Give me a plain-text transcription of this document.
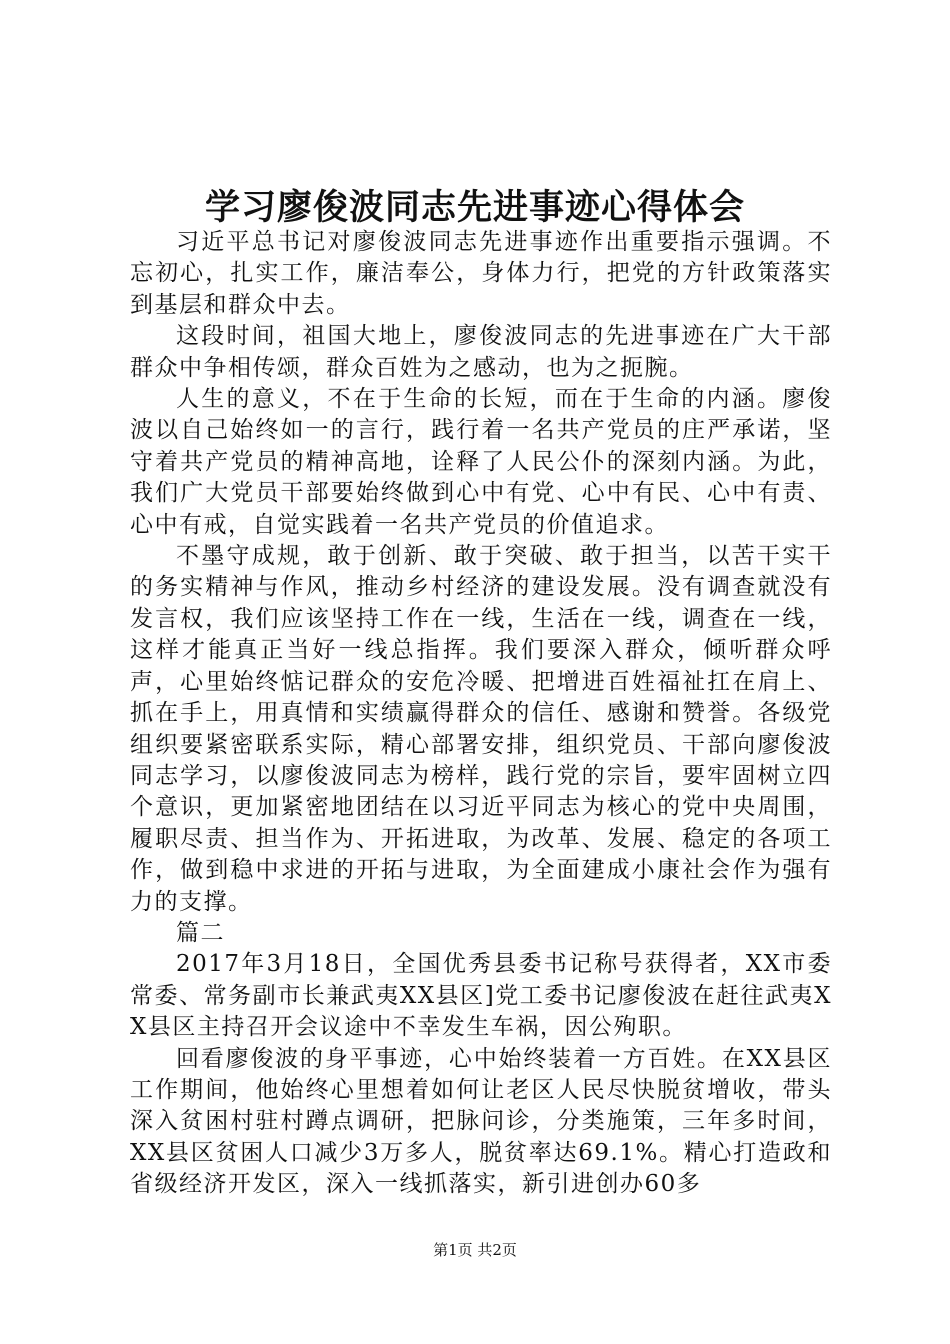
学习廖俊波同志先进事迹心得体会

习近平总书记对廖俊波同志先进事迹作出重要指示强调。不忘初心，扎实工作，廉洁奉公，身体力行，把党的方针政策落实到基层和群众中去。

这段时间，祖国大地上，廖俊波同志的先进事迹在广大干部群众中争相传颂，群众百姓为之感动，也为之扼腕。

人生的意义，不在于生命的长短，而在于生命的内涵。廖俊波以自己始终如一的言行，践行着一名共产党员的庄严承诺，坚守着共产党员的精神高地，诠释了人民公仆的深刻内涵。为此，我们广大党员干部要始终做到心中有党、心中有民、心中有责、心中有戒，自觉实践着一名共产党员的价值追求。

不墨守成规，敢于创新、敢于突破、敢于担当，以苦干实干的务实精神与作风，推动乡村经济的建设发展。没有调查就没有发言权，我们应该坚持工作在一线，生活在一线，调查在一线，这样才能真正当好一线总指挥。我们要深入群众，倾听群众呼声，心里始终惦记群众的安危冷暖、把增进百姓福祉扛在肩上、抓在手上，用真情和实绩赢得群众的信任、感谢和赞誉。各级党组织要紧密联系实际，精心部署安排，组织党员、干部向廖俊波同志学习，以廖俊波同志为榜样，践行党的宗旨，要牢固树立四个意识，更加紧密地团结在以习近平同志为核心的党中央周围，履职尽责、担当作为、开拓进取，为改革、发展、稳定的各项工作，做到稳中求进的开拓与进取，为全面建成小康社会作为强有力的支撑。

篇二

2017年3月18日，全国优秀县委书记称号获得者，XX市委常委、常务副市长兼武夷XX县区]党工委书记廖俊波在赶往武夷XX县区主持召开会议途中不幸发生车祸，因公殉职。

回看廖俊波的身平事迹，心中始终装着一方百姓。在XX县区工作期间，他始终心里想着如何让老区人民尽快脱贫增收，带头深入贫困村驻村蹲点调研，把脉问诊，分类施策，三年多时间，XX县区贫困人口减少3万多人，脱贫率达69.1%。精心打造政和省级经济开发区，深入一线抓落实，新引进创办60多

第1页 共2页
